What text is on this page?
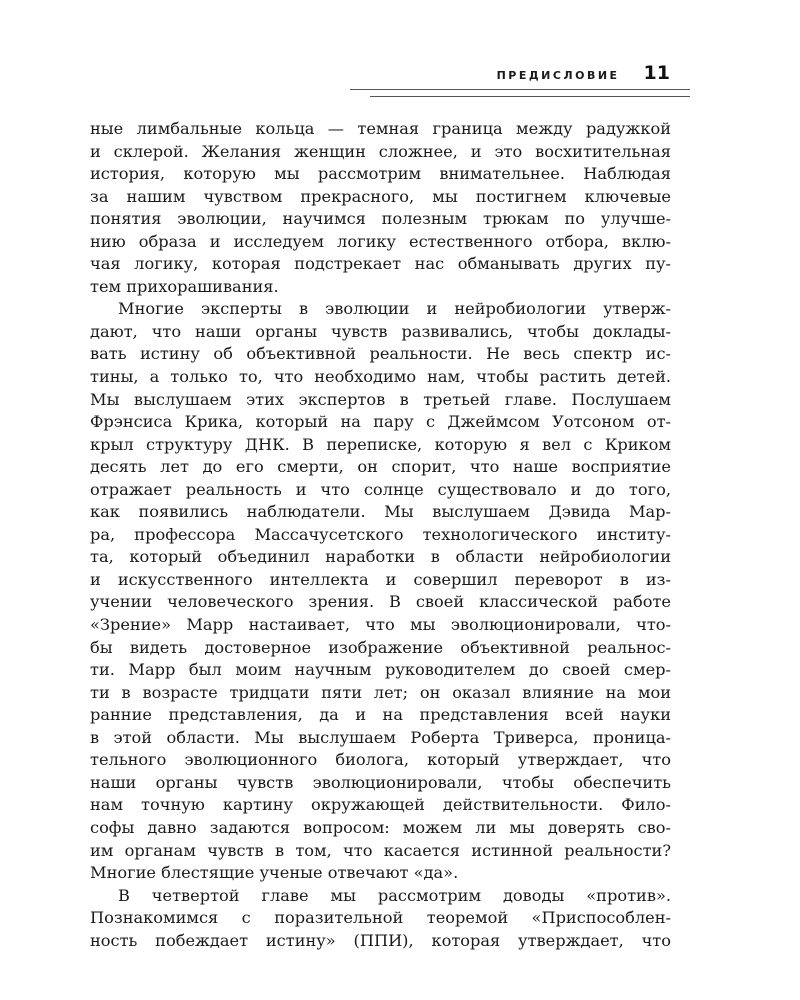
ПРЕДИСЛОВИЕ 11
ные лимбальные кольца — темная граница между радужкой
и склерой. Желания женщин сложнее, и это восхитительная
история, которую мы рассмотрим внимательнее. Наблюдая
за нашим чувством прекрасного, мы постигнем ключевые
понятия эволюции, научимся полезным трюкам по улучше-
нию образа и исследуем логику естественного отбора, вклю-
чая логику, которая подстрекает нас обманывать других пу-
тем прихорашивания.
Многие эксперты в эволюции и нейробиологии утверж-
дают, что наши органы чувств развивались, чтобы доклады-
вать истину об объективной реальности. Не весь спектр ис-
тины, а только то, что необходимо нам, чтобы растить детей.
Мы выслушаем этих экспертов в третьей главе. Послушаем
Фрэнсиса Крика, который на пару с Джеймсом Уотсоном от-
крыл структуру ДНК. В переписке, которую я вел с Криком
десять лет до его смерти, он спорит, что наше восприятие
отражает реальность и что солнце существовало и до того,
как появились наблюдатели. Мы выслушаем Дэвида Мар-
ра, профессора Массачусетского технологического институ-
та, который объединил наработки в области нейробиологии
и искусственного интеллекта и совершил переворот в из-
учении человеческого зрения. В своей классической работе
«Зрение» Марр настаивает, что мы эволюционировали, что-
бы видеть достоверное изображение объективной реальнос-
ти. Марр был моим научным руководителем до своей смер-
ти в возрасте тридцати пяти лет; он оказал влияние на мои
ранние представления, да и на представления всей науки
в этой области. Мы выслушаем Роберта Триверса, проница-
тельного эволюционного биолога, который утверждает, что
наши органы чувств эволюционировали, чтобы обеспечить
нам точную картину окружающей действительности. Фило-
софы давно задаются вопросом: можем ли мы доверять сво-
им органам чувств в том, что касается истинной реальности?
Многие блестящие ученые отвечают «да».
В четвертой главе мы рассмотрим доводы «против».
Познакомимся с поразительной теоремой «Приспособлен-
ность побеждает истину» (ППИ), которая утверждает, что
